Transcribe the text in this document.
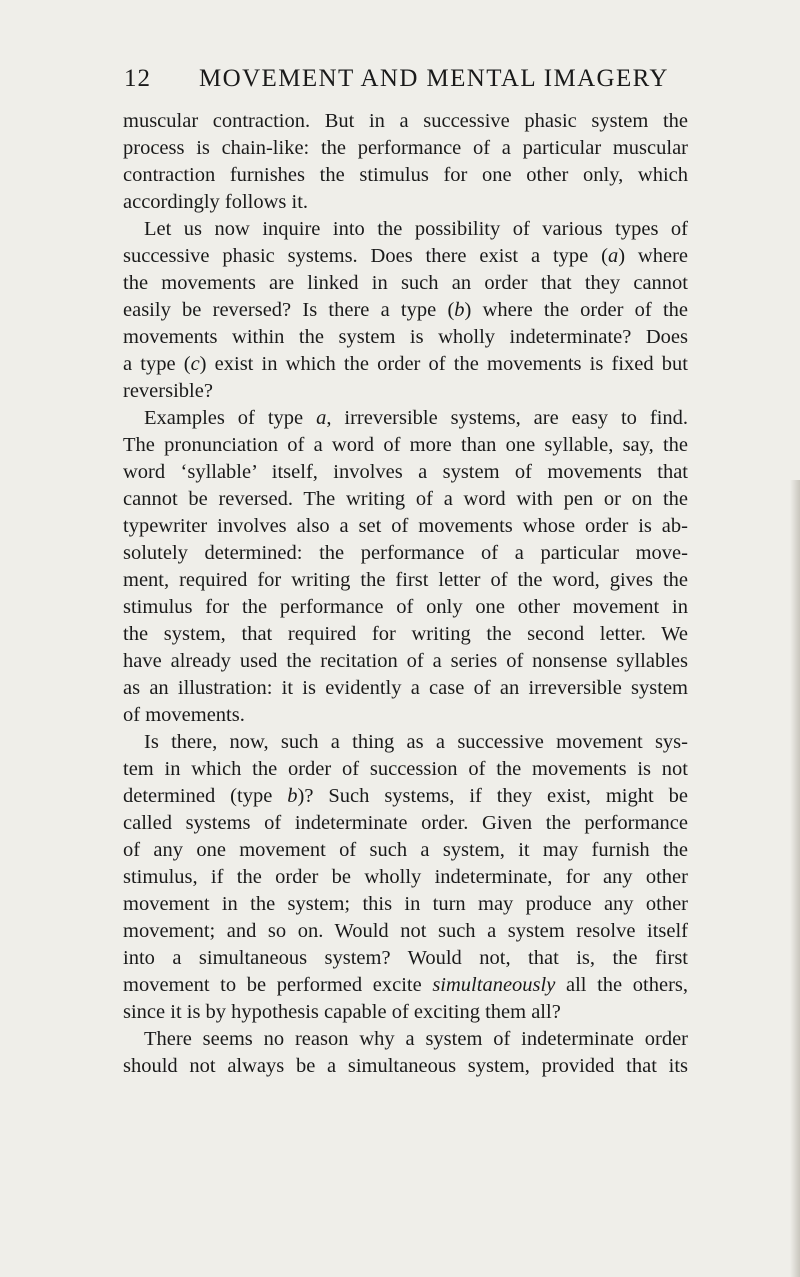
12 MOVEMENT AND MENTAL IMAGERY
muscular contraction. But in a successive phasic system the
process is chain-like: the performance of a particular muscular
contraction furnishes the stimulus for one other only, which
accordingly follows it.
Let us now inquire into the possibility of various types of
successive phasic systems. Does there exist a type (a) where
the movements are linked in such an order that they cannot
easily be reversed? Is there a type (b) where the order of the
movements within the system is wholly indeterminate? Does
a type (c) exist in which the order of the movements is fixed but
reversible?
Examples of type a, irreversible systems, are easy to find.
The pronunciation of a word of more than one syllable, say, the
word ‘syllable’ itself, involves a system of movements that
cannot be reversed. The writing of a word with pen or on the
typewriter involves also a set of movements whose order is ab-
solutely determined: the performance of a particular move-
ment, required for writing the first letter of the word, gives the
stimulus for the performance of only one other movement in
the system, that required for writing the second letter. We
have already used the recitation of a series of nonsense syllables
as an illustration: it is evidently a case of an irreversible system
of movements.
Is there, now, such a thing as a successive movement sys-
tem in which the order of succession of the movements is not
determined (type b)? Such systems, if they exist, might be
called systems of indeterminate order. Given the performance
of any one movement of such a system, it may furnish the
stimulus, if the order be wholly indeterminate, for any other
movement in the system; this in turn may produce any other
movement; and so on. Would not such a system resolve itself
into a simultaneous system? Would not, that is, the first
movement to be performed excite simultaneously all the others,
since it is by hypothesis capable of exciting them all?
There seems no reason why a system of indeterminate order
should not always be a simultaneous system, provided that its
